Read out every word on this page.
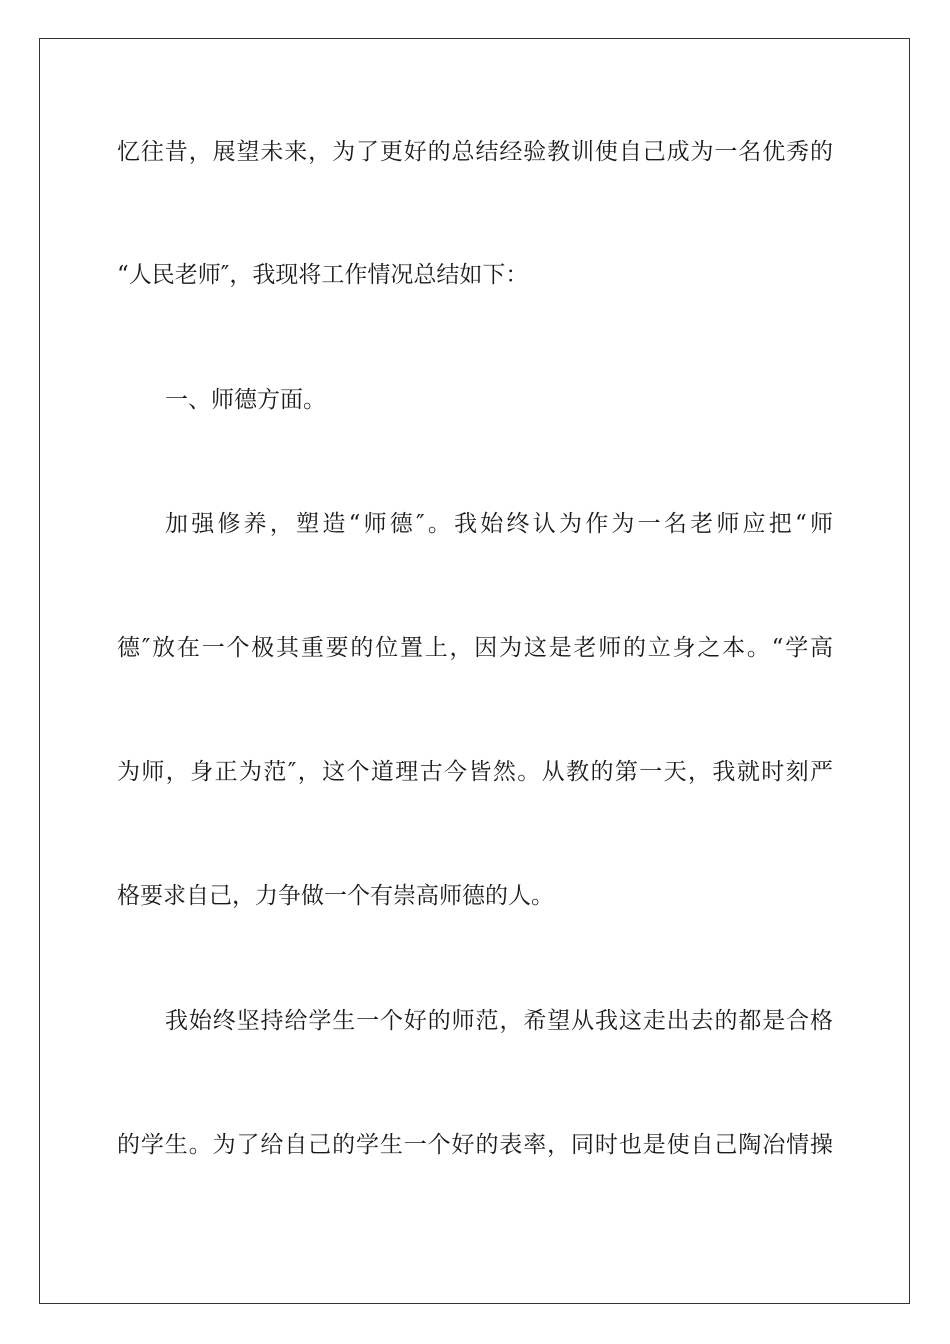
忆往昔，展望未来，为了更好的总结经验教训使自己成为一名优秀的
“人民老师″，我现将工作情况总结如下：
一、师德方面。
加强修养，塑造“师德″。我始终认为作为一名老师应把“师
德″放在一个极其重要的位置上，因为这是老师的立身之本。“学高
为师，身正为范″，这个道理古今皆然。从教的第一天，我就时刻严
格要求自己，力争做一个有崇高师德的人。
我始终坚持给学生一个好的师范，希望从我这走出去的都是合格
的学生。为了给自己的学生一个好的表率，同时也是使自己陶冶情操
